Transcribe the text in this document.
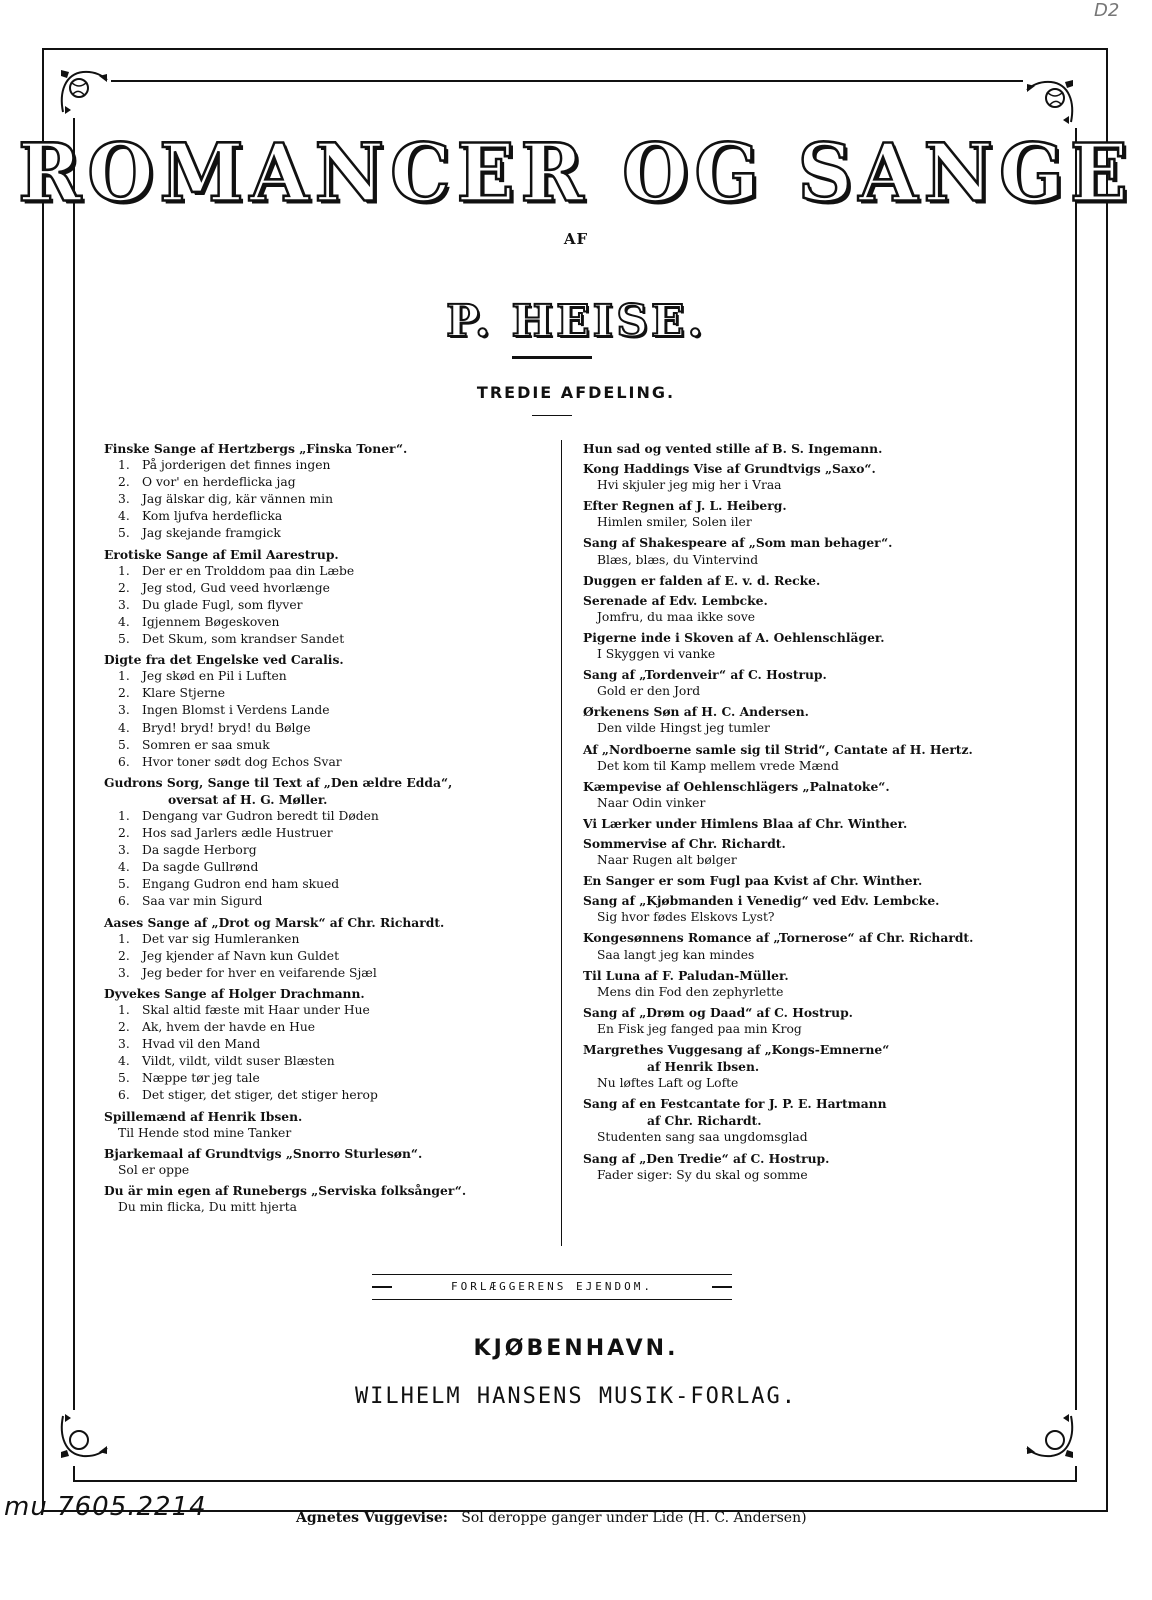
D2
ROMANCER OG SANGE
AF
P. HEISE.
TREDIE AFDELING.
Finske Sange af Hertzbergs „Finska Toner“.
1. På jorderigen det finnes ingen
2. O vor' en herdeflicka jag
3. Jag älskar dig, kär vännen min
4. Kom ljufva herdeflicka
5. Jag skejande framgick
Erotiske Sange af Emil Aarestrup.
1. Der er en Trolddom paa din Læbe
2. Jeg stod, Gud veed hvorlænge
3. Du glade Fugl, som flyver
4. Igjennem Bøgeskoven
5. Det Skum, som krandser Sandet
Digte fra det Engelske ved Caralis.
1. Jeg skød en Pil i Luften
2. Klare Stjerne
3. Ingen Blomst i Verdens Lande
4. Bryd! bryd! bryd! du Bølge
5. Somren er saa smuk
6. Hvor toner sødt dog Echos Svar
Gudrons Sorg, Sange til Text af „Den ældre Edda“,
oversat af H. G. Møller.
1. Dengang var Gudron beredt til Døden
2. Hos sad Jarlers ædle Hustruer
3. Da sagde Herborg
4. Da sagde Gullrønd
5. Engang Gudron end ham skued
6. Saa var min Sigurd
Aases Sange af „Drot og Marsk“ af Chr. Richardt.
1. Det var sig Humleranken
2. Jeg kjender af Navn kun Guldet
3. Jeg beder for hver en veifarende Sjæl
Dyvekes Sange af Holger Drachmann.
1. Skal altid fæste mit Haar under Hue
2. Ak, hvem der havde en Hue
3. Hvad vil den Mand
4. Vildt, vildt, vildt suser Blæsten
5. Næppe tør jeg tale
6. Det stiger, det stiger, det stiger herop
Spillemænd af Henrik Ibsen.
Til Hende stod mine Tanker
Bjarkemaal af Grundtvigs „Snorro Sturlesøn“.
Sol er oppe
Du är min egen af Runebergs „Serviska folksånger“.
Du min flicka, Du mitt hjerta
Hun sad og vented stille af B. S. Ingemann.
Kong Haddings Vise af Grundtvigs „Saxo“.
Hvi skjuler jeg mig her i Vraa
Efter Regnen af J. L. Heiberg.
Himlen smiler, Solen iler
Sang af Shakespeare af „Som man behager“.
Blæs, blæs, du Vintervind
Duggen er falden af E. v. d. Recke.
Serenade af Edv. Lembcke.
Jomfru, du maa ikke sove
Pigerne inde i Skoven af A. Oehlenschläger.
I Skyggen vi vanke
Sang af „Tordenveir“ af C. Hostrup.
Gold er den Jord
Ørkenens Søn af H. C. Andersen.
Den vilde Hingst jeg tumler
Af „Nordboerne samle sig til Strid“, Cantate af H. Hertz.
Det kom til Kamp mellem vrede Mænd
Kæmpevise af Oehlenschlägers „Palnatoke“.
Naar Odin vinker
Vi Lærker under Himlens Blaa af Chr. Winther.
Sommervise af Chr. Richardt.
Naar Rugen alt bølger
En Sanger er som Fugl paa Kvist af Chr. Winther.
Sang af „Kjøbmanden i Venedig“ ved Edv. Lembcke.
Sig hvor fødes Elskovs Lyst?
Kongesønnens Romance af „Tornerose“ af Chr. Richardt.
Saa langt jeg kan mindes
Til Luna af F. Paludan-Müller.
Mens din Fod den zephyrlette
Sang af „Drøm og Daad“ af C. Hostrup.
En Fisk jeg fanged paa min Krog
Margrethes Vuggesang af „Kongs-Emnerne“
af Henrik Ibsen.
Nu løftes Laft og Lofte
Sang af en Festcantate for J. P. E. Hartmann
af Chr. Richardt.
Studenten sang saa ungdomsglad
Sang af „Den Tredie“ af C. Hostrup.
Fader siger: Sy du skal og somme
FORLÆGGERENS EJENDOM.
KJØBENHAVN.
WILHELM HANSENS MUSIK-FORLAG.
mu 7605.2214	Agnetes Vuggevise: Sol deroppe ganger under Lide (H. C. Andersen)
